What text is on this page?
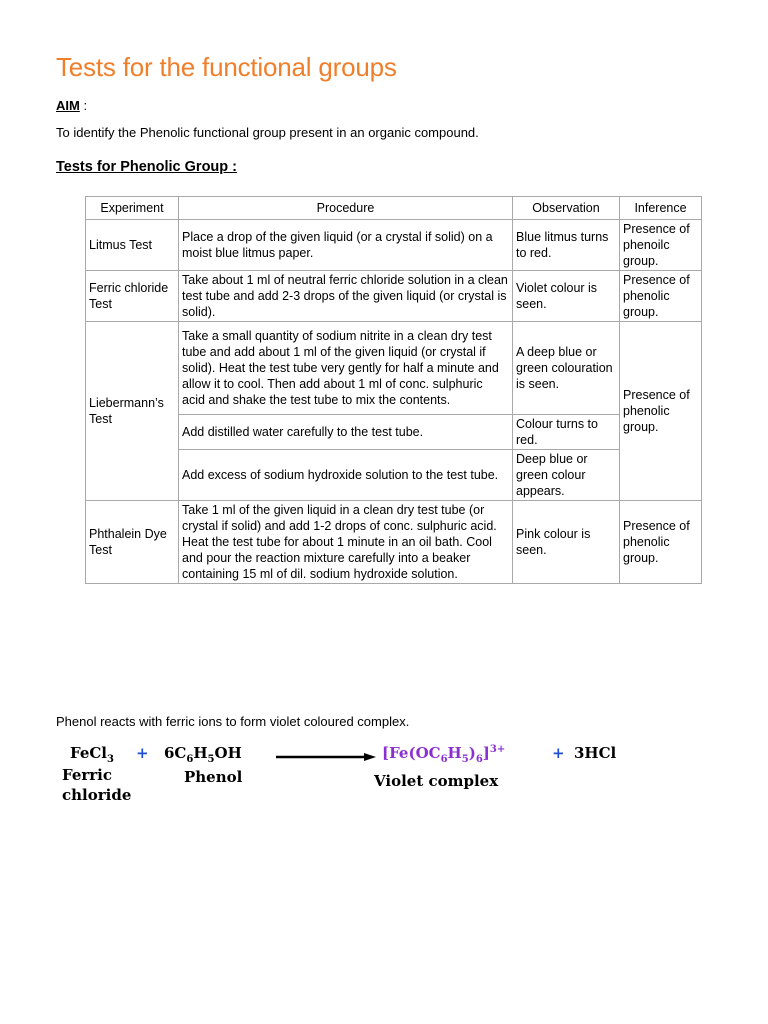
Tests for the functional groups
AIM :
To identify the Phenolic functional group present in an organic compound.
Tests for Phenolic Group :
Experiment	Procedure	Observation	Inference
Litmus Test	Place a drop of the given liquid (or a crystal if solid) on a moist blue litmus paper.	Blue litmus turns to red.	Presence of phenoilc group.
Ferric chloride Test	Take about 1 ml of neutral ferric chloride solution in a clean test tube and add 2-3 drops of the given liquid (or crystal is solid).	Violet colour is seen.	Presence of phenolic group.
Liebermann’s Test	Take a small quantity of sodium nitrite in a clean dry test tube and add about 1 ml of the given liquid (or crystal if solid). Heat the test tube very gently for half a minute and allow it to cool. Then add about 1 ml of conc. sulphuric acid and shake the test tube to mix the contents.	A deep blue or green colouration is seen.	Presence of phenolic group.
	Add distilled water carefully to the test tube.	Colour turns to red.	
	Add excess of sodium hydroxide solution to the test tube.	Deep blue or green colour appears.	
Phthalein Dye Test	Take 1 ml of the given liquid in a clean dry test tube (or crystal if solid) and add 1-2 drops of conc. sulphuric acid. Heat the test tube for about 1 minute in an oil bath. Cool and pour the reaction mixture carefully into a beaker containing 15 ml of dil. sodium hydroxide solution.	Pink colour is seen.	Presence of phenolic group.
Phenol reacts with ferric ions to form violet coloured complex.
FeCl$_3$ + $6C_6H_5OH$	$[Fe(OC_6H_5)_6]^{3+}$	+ 3HCl
Ferric
chloride
Phenol	Violet complex
